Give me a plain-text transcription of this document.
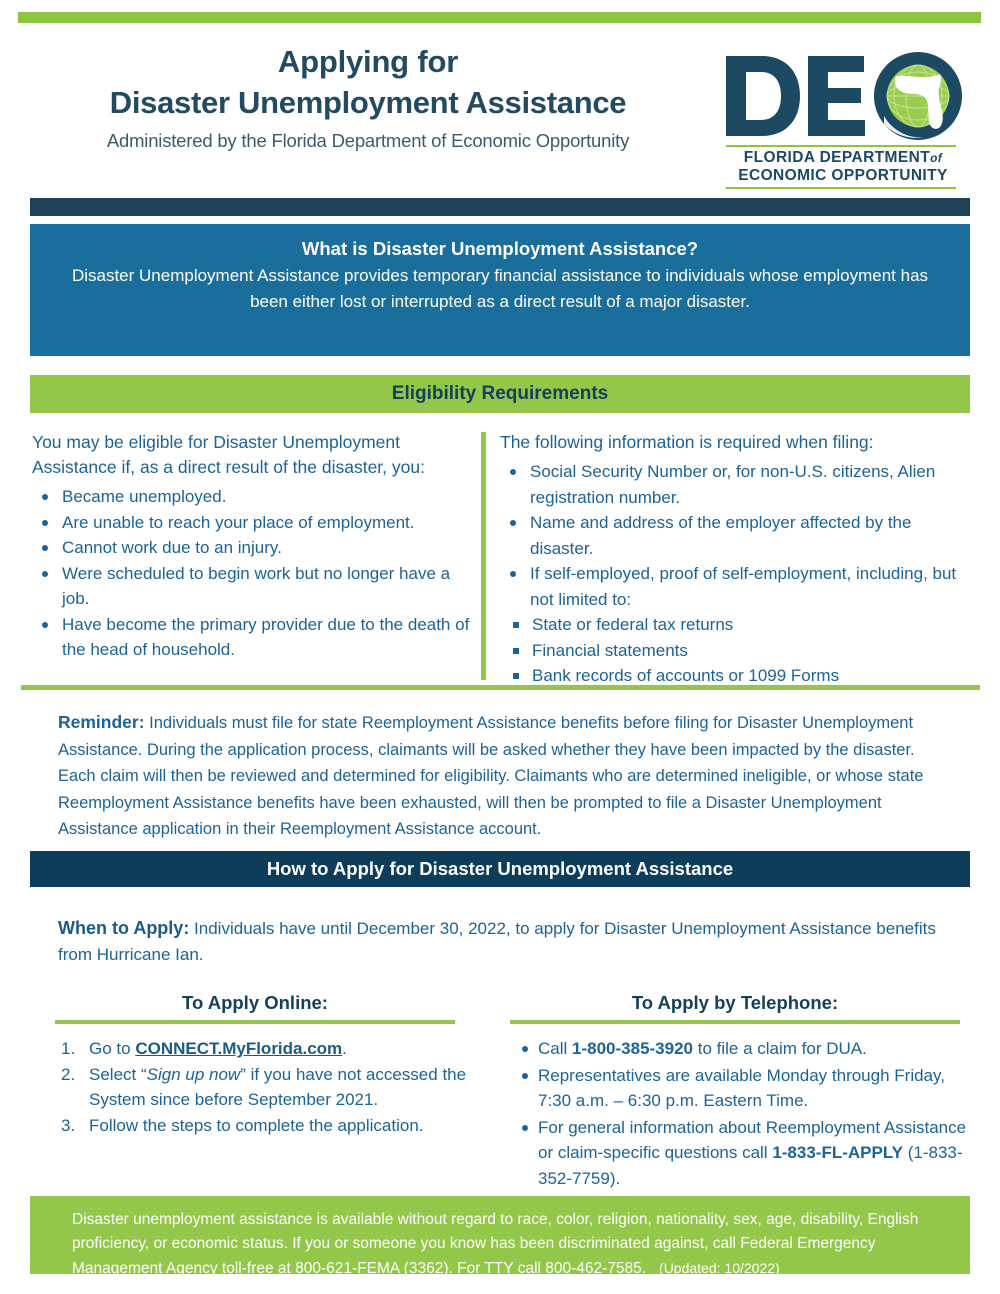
Applying for
Disaster Unemployment Assistance
Administered by the Florida Department of Economic Opportunity
FLORIDA DEPARTMENTof
ECONOMIC OPPORTUNITY
What is Disaster Unemployment Assistance?

Disaster Unemployment Assistance provides temporary financial assistance to individuals whose employment has been either lost or interrupted as a direct result of a major disaster.

Eligibility Requirements

You may be eligible for Disaster Unemployment Assistance if, as a direct result of the disaster, you:

Became unemployed.
Are unable to reach your place of employment.
Cannot work due to an injury.
Were scheduled to begin work but no longer have a job.
Have become the primary provider due to the death of the head of household.

The following information is required when filing:

Social Security Number or, for non-U.S. citizens, Alien registration number.
Name and address of the employer affected by the disaster.
If self-employed, proof of self-employment, including, but not limited to:
State or federal tax returns
Financial statements
Bank records of accounts or 1099 Forms
Reminder: Individuals must file for state Reemployment Assistance benefits before filing for Disaster Unemployment Assistance. During the application process, claimants will be asked whether they have been impacted by the disaster. Each claim will then be reviewed and determined for eligibility. Claimants who are determined ineligible, or whose state Reemployment Assistance benefits have been exhausted, will then be prompted to file a Disaster Unemployment Assistance application in their Reemployment Assistance account.
How to Apply for Disaster Unemployment Assistance
When to Apply: Individuals have until December 30, 2022, to apply for Disaster Unemployment Assistance benefits from Hurricane Ian.
To Apply Online:
Go to CONNECT.MyFlorida.com.
Select “Sign up now” if you have not accessed the System since before September 2021.
Follow the steps to complete the application.
To Apply by Telephone:
Call 1-800-385-3920 to file a claim for DUA.
Representatives are available Monday through Friday, 7:30 a.m. – 6:30 p.m. Eastern Time.
For general information about Reemployment Assistance or claim-specific questions call 1-833-FL-APPLY (1-833-352-7759).

Disaster unemployment assistance is available without regard to race, color, religion, nationality, sex, age, disability, English proficiency, or economic status. If you or someone you know has been discriminated against, call Federal Emergency Management Agency toll-free at 800-621-FEMA (3362). For TTY call 800-462-7585. (Updated: 10/2022)
